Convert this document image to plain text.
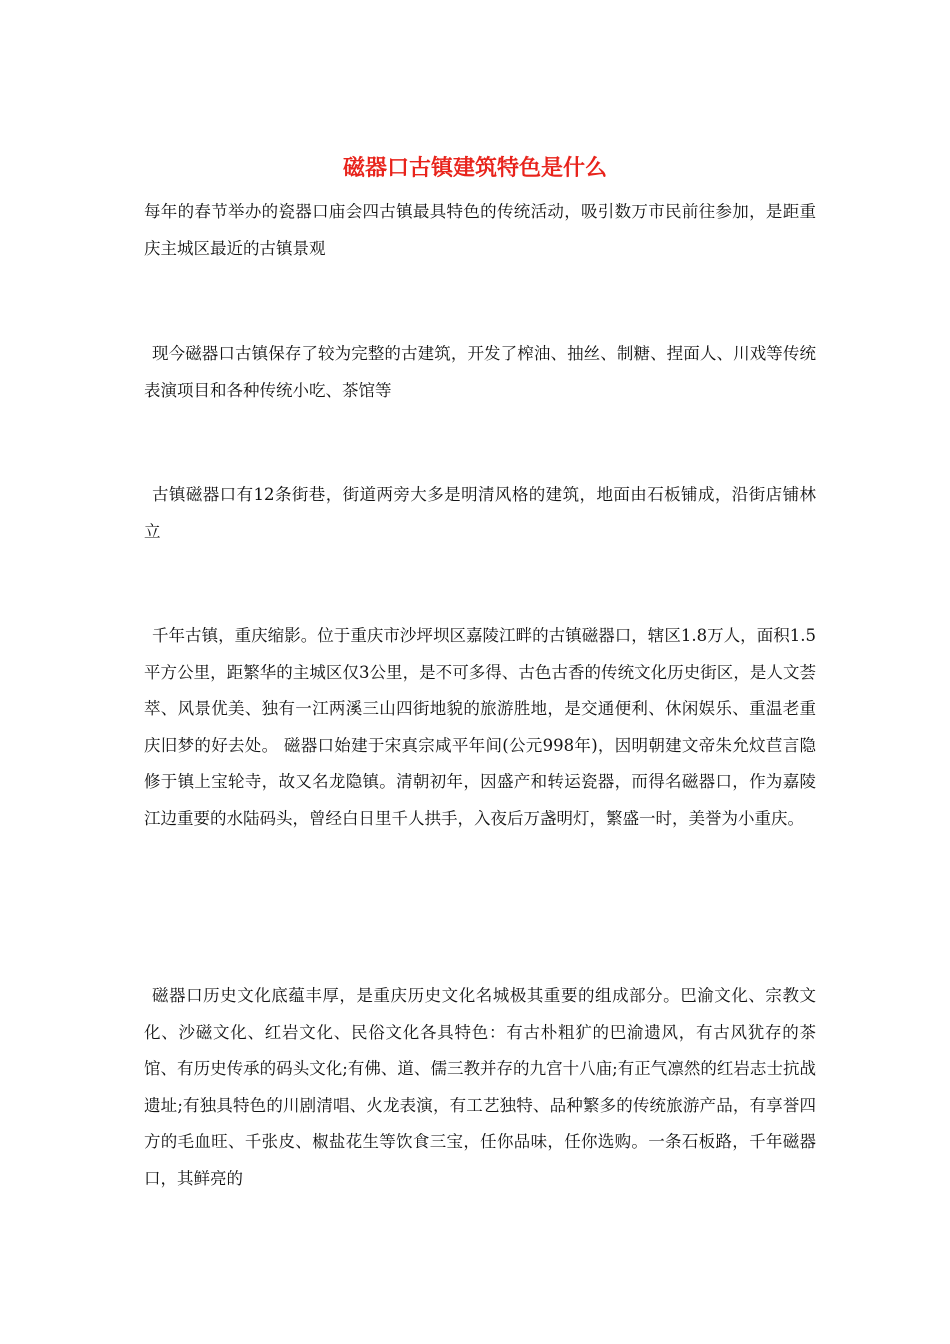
磁器口古镇建筑特色是什么

每年的春节举办的瓷器口庙会四古镇最具特色的传统活动，吸引数万市民前往参加，是距重庆主城区最近的古镇景观

现今磁器口古镇保存了较为完整的古建筑，开发了榨油、抽丝、制糖、捏面人、川戏等传统表演项目和各种传统小吃、茶馆等

古镇磁器口有12条街巷，街道两旁大多是明清风格的建筑，地面由石板铺成，沿街店铺林立

千年古镇，重庆缩影。位于重庆市沙坪坝区嘉陵江畔的古镇磁器口，辖区1.8万人，面积1.5平方公里，距繁华的主城区仅3公里，是不可多得、古色古香的传统文化历史街区，是人文荟萃、风景优美、独有一江两溪三山四街地貌的旅游胜地，是交通便利、休闲娱乐、重温老重庆旧梦的好去处。 磁器口始建于宋真宗咸平年间(公元998年)，因明朝建文帝朱允炆苣言隐修于镇上宝轮寺，故又名龙隐镇。清朝初年，因盛产和转运瓷器，而得名磁器口，作为嘉陵江边重要的水陆码头，曾经白日里千人拱手，入夜后万盏明灯，繁盛一时，美誉为小重庆。

磁器口历史文化底蕴丰厚，是重庆历史文化名城极其重要的组成部分。巴渝文化、宗教文化、沙磁文化、红岩文化、民俗文化各具特色：有古朴粗犷的巴渝遗风，有古风犹存的茶馆、有历史传承的码头文化;有佛、道、儒三教并存的九宫十八庙;有正气凛然的红岩志士抗战遗址;有独具特色的川剧清唱、火龙表演，有工艺独特、品种繁多的传统旅游产品，有享誉四方的毛血旺、千张皮、椒盐花生等饮食三宝，任你品味，任你选购。一条石板路，千年磁器口，其鲜亮的
